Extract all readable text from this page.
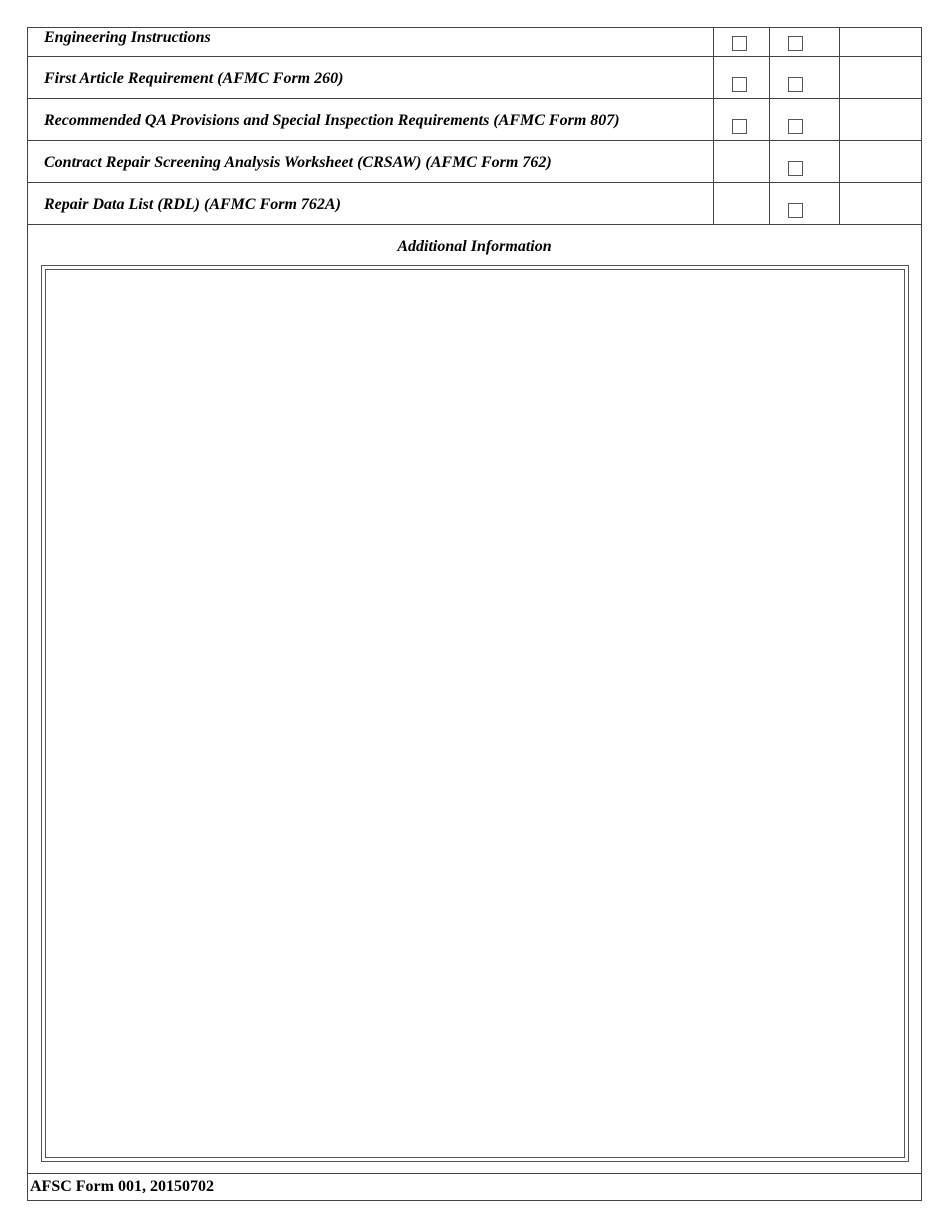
Engineering Instructions
First Article Requirement (AFMC Form 260)
Recommended QA Provisions and Special Inspection Requirements (AFMC Form 807)
Contract Repair Screening Analysis Worksheet (CRSAW) (AFMC Form 762)
Repair Data List (RDL) (AFMC Form 762A)
Additional Information
AFSC Form 001, 20150702
